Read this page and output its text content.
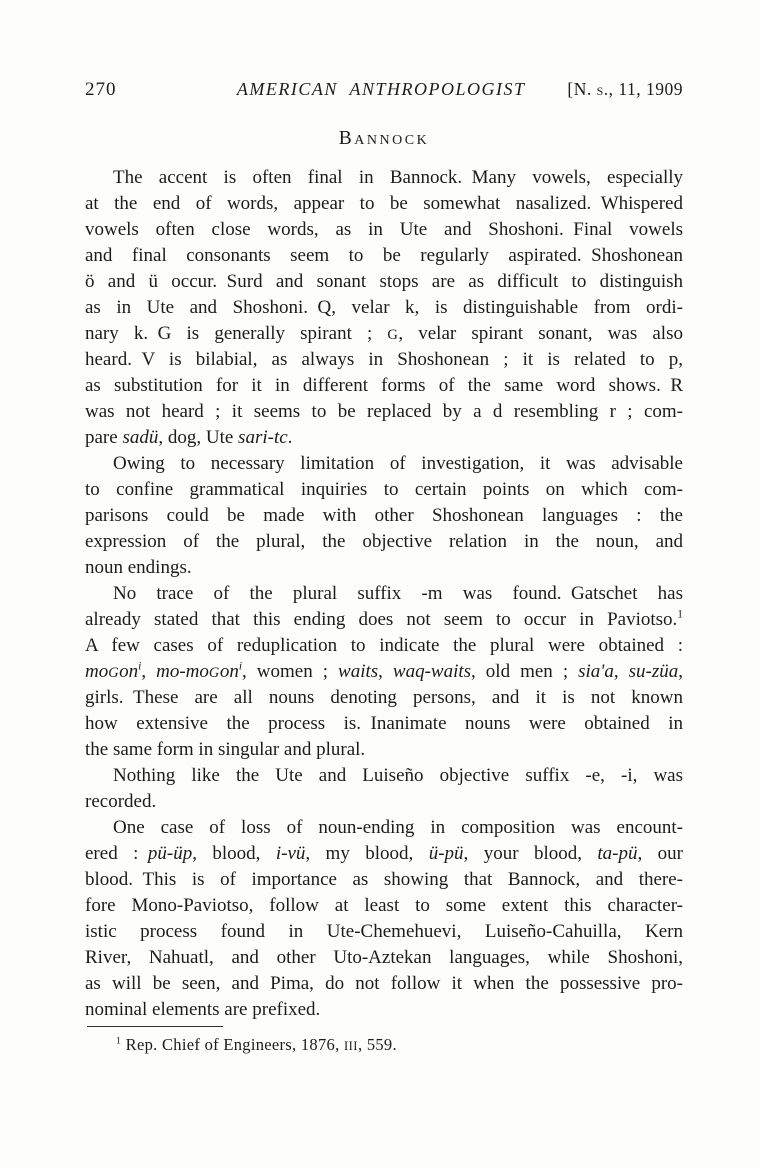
270	AMERICAN ANTHROPOLOGIST	[N. s., 11, 1909
Bannock
The accent is often final in Bannock. Many vowels, especially
at the end of words, appear to be somewhat nasalized. Whispered
vowels often close words, as in Ute and Shoshoni. Final vowels
and final consonants seem to be regularly aspirated. Shoshonean
ö and ü occur. Surd and sonant stops are as difficult to distinguish
as in Ute and Shoshoni. Q, velar k, is distinguishable from ordi-
nary k. G is generally spirant ; G, velar spirant sonant, was also
heard. V is bilabial, as always in Shoshonean ; it is related to p,
as substitution for it in different forms of the same word shows. R
was not heard ; it seems to be replaced by a d resembling r ; com-
pare sadü, dog, Ute sari-tc.
Owing to necessary limitation of investigation, it was advisable
to confine grammatical inquiries to certain points on which com-
parisons could be made with other Shoshonean languages : the
expression of the plural, the objective relation in the noun, and
noun endings.
No trace of the plural suffix -m was found. Gatschet has
already stated that this ending does not seem to occur in Paviotso.$^1$
A few cases of reduplication to indicate the plural were obtained :
moGon$^i$, mo-moGon$^i$, women ; waits, waq-waits, old men ; sia'a, su-züa,
girls. These are all nouns denoting persons, and it is not known
how extensive the process is. Inanimate nouns were obtained in
the same form in singular and plural.
Nothing like the Ute and Luiseño objective suffix -e, -i, was
recorded.
One case of loss of noun-ending in composition was encount-
ered : pü-üp, blood, i-vü, my blood, ü-pü, your blood, ta-pü, our
blood. This is of importance as showing that Bannock, and there-
fore Mono-Paviotso, follow at least to some extent this character-
istic process found in Ute-Chemehuevi, Luiseño-Cahuilla, Kern
River, Nahuatl, and other Uto-Aztekan languages, while Shoshoni,
as will be seen, and Pima, do not follow it when the possessive pro-
nominal elements are prefixed.
$^1$ Rep. Chief of Engineers, 1876, III, 559.
